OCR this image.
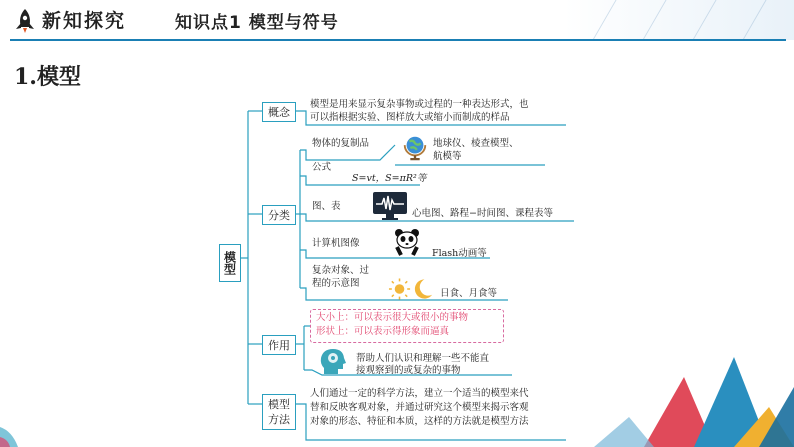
新知探究	知识点1 模型与符号
1.模型
模型
概念
模型是用来显示复杂事物或过程的一种表达形式，也
可以指根据实验、图样放大或缩小而制成的样品
分类
物体的复制品	地球仪、棱查模型、
航模等
公式
S=vt，S=πR²等
图、表
心电图、路程−时间图、课程表等
计算机图像
Flash动画等
复杂对象、过
程的示意图
日食、月食等
作用
大小上：可以表示很大或很小的事物
形状上：可以表示得形象而逼真
帮助人们认识和理解一些不能直
接观察到的或复杂的事物
模型
方法
人们通过一定的科学方法，建立一个适当的模型来代
替和反映客观对象，并通过研究这个模型来揭示客观
对象的形态、特征和本质，这样的方法就是模型方法
